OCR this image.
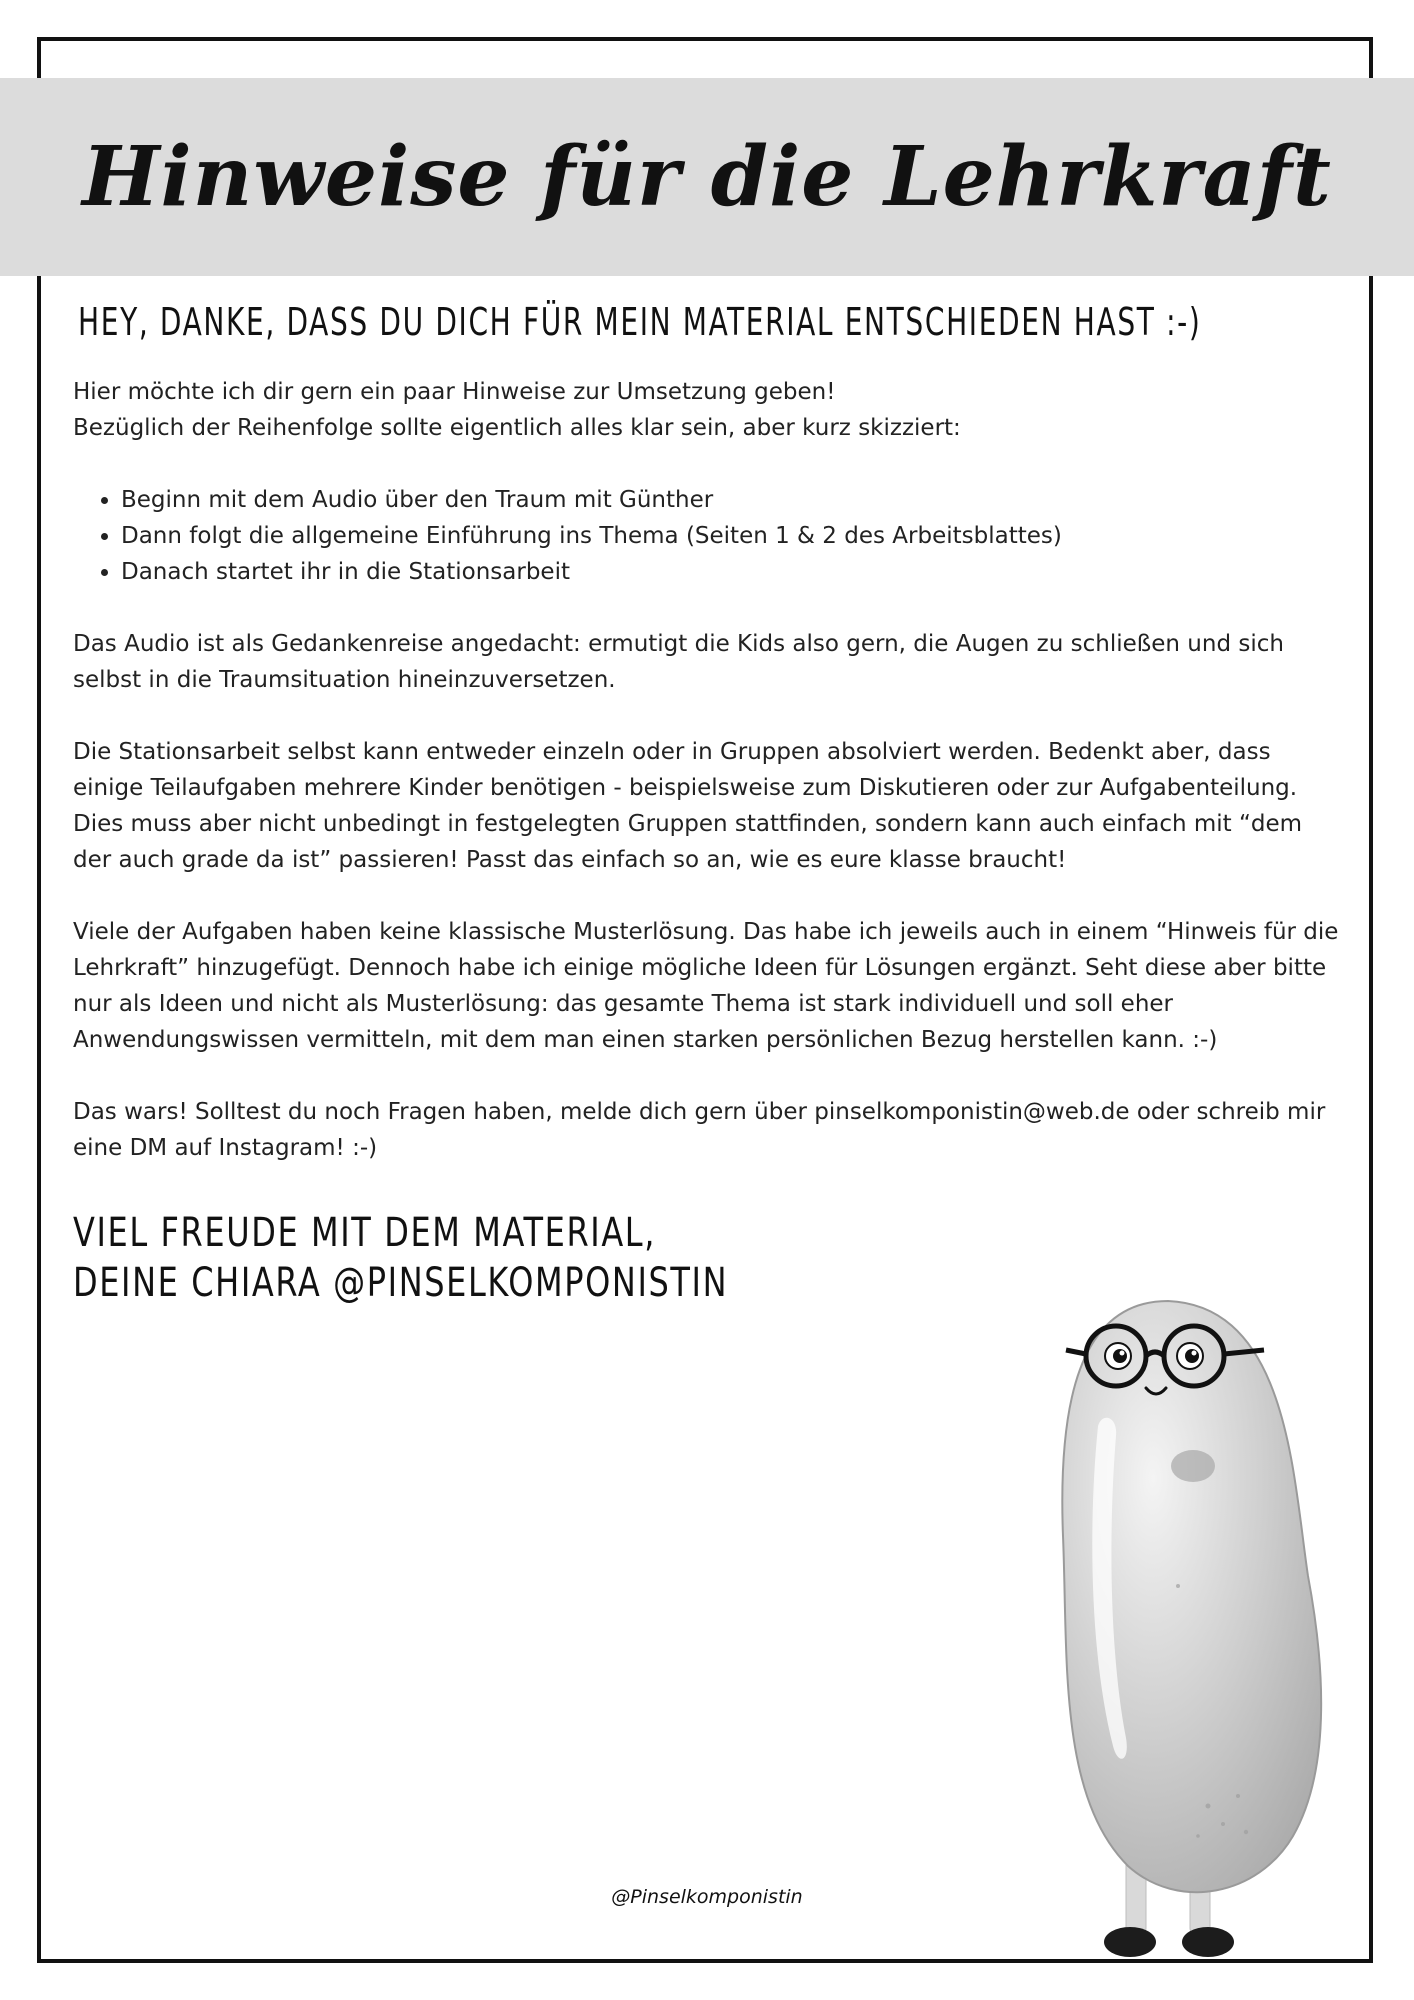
Hinweise für die Lehrkraft
HEY, DANKE, DASS DU DICH FÜR MEIN MATERIAL ENTSCHIEDEN HAST :-)

Hier möchte ich dir gern ein paar Hinweise zur Umsetzung geben!
Bezüglich der Reihenfolge sollte eigentlich alles klar sein, aber kurz skizziert:

• Beginn mit dem Audio über den Traum mit Günther
• Dann folgt die allgemeine Einführung ins Thema (Seiten 1 & 2 des Arbeitsblattes)
• Danach startet ihr in die Stationsarbeit

Das Audio ist als Gedankenreise angedacht: ermutigt die Kids also gern, die Augen zu schließen und sich selbst in die Traumsituation hineinzuversetzen.

Die Stationsarbeit selbst kann entweder einzeln oder in Gruppen absolviert werden. Bedenkt aber, dass einige Teilaufgaben mehrere Kinder benötigen - beispielsweise zum Diskutieren oder zur Aufgabenteilung. Dies muss aber nicht unbedingt in festgelegten Gruppen stattfinden, sondern kann auch einfach mit “dem der auch grade da ist” passieren! Passt das einfach so an, wie es eure klasse braucht!

Viele der Aufgaben haben keine klassische Musterlösung. Das habe ich jeweils auch in einem “Hinweis für die Lehrkraft” hinzugefügt. Dennoch habe ich einige mögliche Ideen für Lösungen ergänzt. Seht diese aber bitte nur als Ideen und nicht als Musterlösung: das gesamte Thema ist stark individuell und soll eher Anwendungswissen vermitteln, mit dem man einen starken persönlichen Bezug herstellen kann. :-)

Das wars! Solltest du noch Fragen haben, melde dich gern über pinselkomponistin@web.de oder schreib mir eine DM auf Instagram! :-)

VIEL FREUDE MIT DEM MATERIAL,
DEINE CHIARA @PINSELKOMPONISTIN
@Pinselkomponistin
